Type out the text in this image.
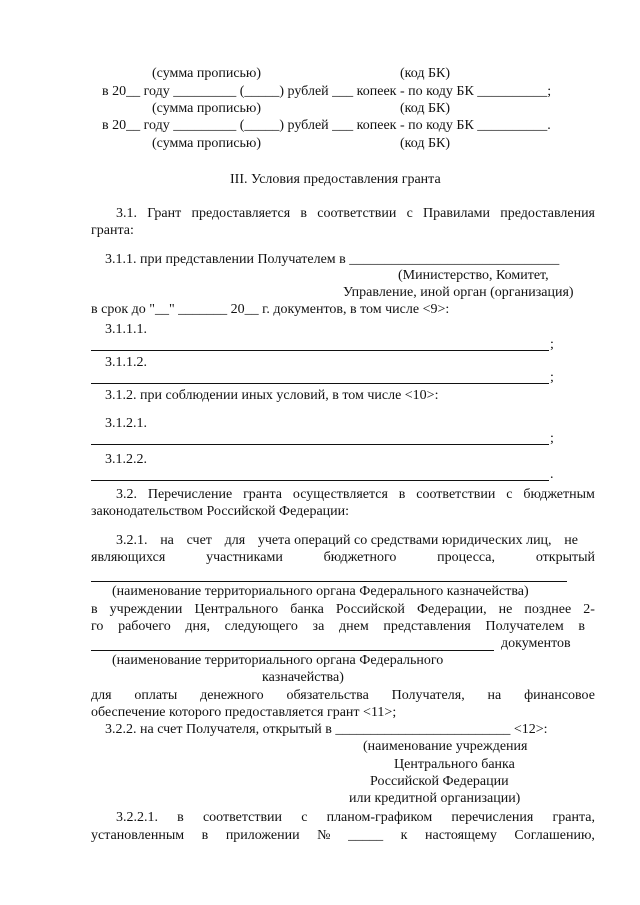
(сумма прописью)	(код БК)
в 20__ году _________ (_____) рублей ___ копеек - по коду БК __________;
(сумма прописью)	(код БК)
в 20__ году _________ (_____) рублей ___ копеек - по коду БК __________.
(сумма прописью)	(код БК)
III. Условия предоставления гранта
3.1. Грант предоставляется в соответствии с Правилами предоставления
гранта:
3.1.1. при представлении Получателем в ______________________________
(Министерство, Комитет,
Управление, иной орган (организация)
в срок до "__" _______ 20__ г. документов, в том числе <9>:
3.1.1.1.
;
3.1.1.2.
;
3.1.2. при соблюдении иных условий, в том числе <10>:
3.1.2.1.
;
3.1.2.2.
.
3.2. Перечисление гранта осуществляется в соответствии с бюджетным
законодательством Российской Федерации:
3.2.1. на счет для учета операций со средствами юридических лиц, не
являющихся	участниками	бюджетного	процесса,	открытый
(наименование территориального органа Федерального казначейства)
в учреждении Центрального банка Российской Федерации, не позднее 2-
го рабочего дня, следующего за днем представления Получателем в
документов
(наименование территориального органа Федерального
казначейства)
для оплаты денежного обязательства Получателя, на финансовое
обеспечение которого предоставляется грант <11>;
3.2.2. на счет Получателя, открытый в _________________________ <12>:
(наименование учреждения
Центрального банка
Российской Федерации
или кредитной организации)
3.2.2.1. в соответствии с планом-графиком перечисления гранта,
установленным в приложении № _____ к настоящему Соглашению,
